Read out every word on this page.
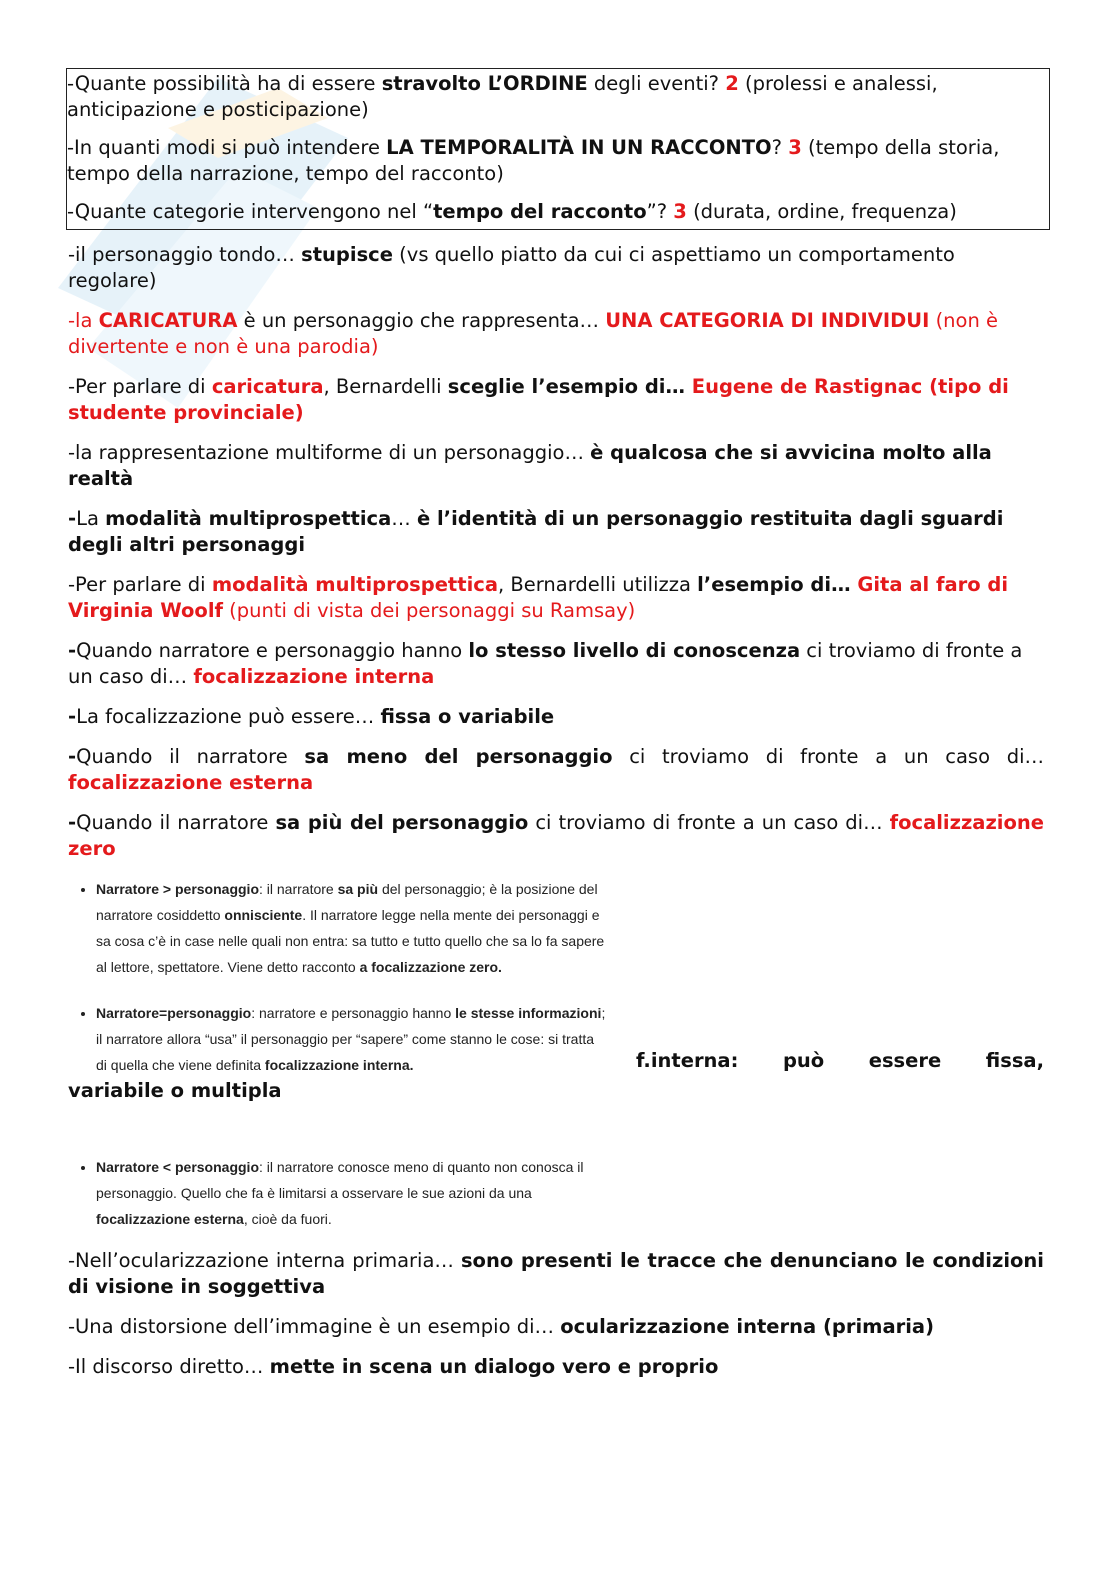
-Quante possibilità ha di essere stravolto L’ORDINE degli eventi? 2 (prolessi e analessi, anticipazione e posticipazione)

-In quanti modi si può intendere LA TEMPORALITÀ IN UN RACCONTO? 3 (tempo della storia, tempo della narrazione, tempo del racconto)

-Quante categorie intervengono nel “tempo del racconto”? 3 (durata, ordine, frequenza)

-il personaggio tondo… stupisce (vs quello piatto da cui ci aspettiamo un comportamento regolare)

-la CARICATURA è un personaggio che rappresenta… UNA CATEGORIA DI INDIVIDUI (non è divertente e non è una parodia)

-Per parlare di caricatura, Bernardelli sceglie l’esempio di… Eugene de Rastignac (tipo di studente provinciale)

-la rappresentazione multiforme di un personaggio… è qualcosa che si avvicina molto alla realtà

-La modalità multiprospettica… è l’identità di un personaggio restituita dagli sguardi degli altri personaggi

-Per parlare di modalità multiprospettica, Bernardelli utilizza l’esempio di… Gita al faro di Virginia Woolf (punti di vista dei personaggi su Ramsay)

-Quando narratore e personaggio hanno lo stesso livello di conoscenza ci troviamo di fronte a un caso di… focalizzazione interna

-La focalizzazione può essere… fissa o variabile

-Quando il narratore sa meno del personaggio ci troviamo di fronte a un caso di… focalizzazione esterna

-Quando il narratore sa più del personaggio ci troviamo di fronte a un caso di… focalizzazione zero

• Narratore > personaggio: il narratore sa più del personaggio; è la posizione del narratore cosiddetto onnisciente. Il narratore legge nella mente dei personaggi e sa cosa c’è in case nelle quali non entra: sa tutto e tutto quello che sa lo fa sapere al lettore, spettatore. Viene detto racconto a focalizzazione zero.
• Narratore=personaggio: narratore e personaggio hanno le stesse informazioni; il narratore allora “usa” il personaggio per “sapere” come stanno le cose: si tratta di quella che viene definita focalizzazione interna.	f.interna: può essere fissa,

variabile o multipla

• Narratore < personaggio: il narratore conosce meno di quanto non conosca il personaggio. Quello che fa è limitarsi a osservare le sue azioni da una focalizzazione esterna, cioè da fuori.

-Nell’ocularizzazione interna primaria… sono presenti le tracce che denunciano le condizioni di visione in soggettiva

-Una distorsione dell’immagine è un esempio di… ocularizzazione interna (primaria)

-Il discorso diretto… mette in scena un dialogo vero e proprio
